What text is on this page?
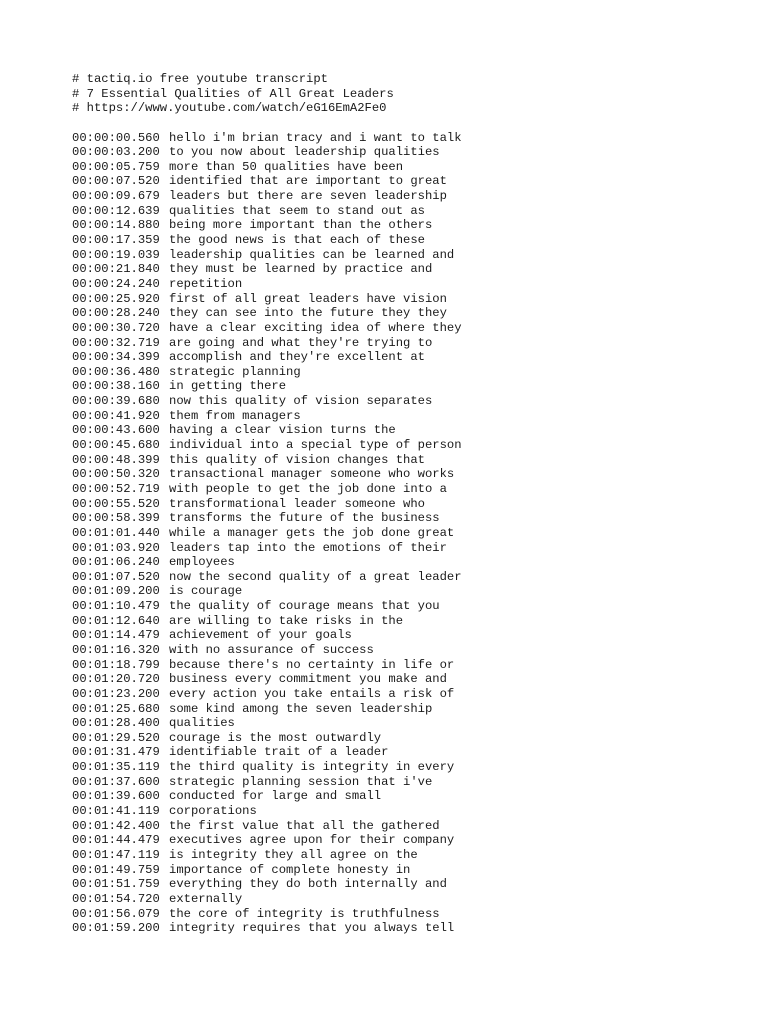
# tactiq.io free youtube transcript
# 7 Essential Qualities of All Great Leaders
# https://www.youtube.com/watch/eG16EmA2Fe0
00:00:00.560 hello i'm brian tracy and i want to talk
00:00:03.200 to you now about leadership qualities
00:00:05.759 more than 50 qualities have been
00:00:07.520 identified that are important to great
00:00:09.679 leaders but there are seven leadership
00:00:12.639 qualities that seem to stand out as
00:00:14.880 being more important than the others
00:00:17.359 the good news is that each of these
00:00:19.039 leadership qualities can be learned and
00:00:21.840 they must be learned by practice and
00:00:24.240 repetition
00:00:25.920 first of all great leaders have vision
00:00:28.240 they can see into the future they they
00:00:30.720 have a clear exciting idea of where they
00:00:32.719 are going and what they're trying to
00:00:34.399 accomplish and they're excellent at
00:00:36.480 strategic planning
00:00:38.160 in getting there
00:00:39.680 now this quality of vision separates
00:00:41.920 them from managers
00:00:43.600 having a clear vision turns the
00:00:45.680 individual into a special type of person
00:00:48.399 this quality of vision changes that
00:00:50.320 transactional manager someone who works
00:00:52.719 with people to get the job done into a
00:00:55.520 transformational leader someone who
00:00:58.399 transforms the future of the business
00:01:01.440 while a manager gets the job done great
00:01:03.920 leaders tap into the emotions of their
00:01:06.240 employees
00:01:07.520 now the second quality of a great leader
00:01:09.200 is courage
00:01:10.479 the quality of courage means that you
00:01:12.640 are willing to take risks in the
00:01:14.479 achievement of your goals
00:01:16.320 with no assurance of success
00:01:18.799 because there's no certainty in life or
00:01:20.720 business every commitment you make and
00:01:23.200 every action you take entails a risk of
00:01:25.680 some kind among the seven leadership
00:01:28.400 qualities
00:01:29.520 courage is the most outwardly
00:01:31.479 identifiable trait of a leader
00:01:35.119 the third quality is integrity in every
00:01:37.600 strategic planning session that i've
00:01:39.600 conducted for large and small
00:01:41.119 corporations
00:01:42.400 the first value that all the gathered
00:01:44.479 executives agree upon for their company
00:01:47.119 is integrity they all agree on the
00:01:49.759 importance of complete honesty in
00:01:51.759 everything they do both internally and
00:01:54.720 externally
00:01:56.079 the core of integrity is truthfulness
00:01:59.200 integrity requires that you always tell
